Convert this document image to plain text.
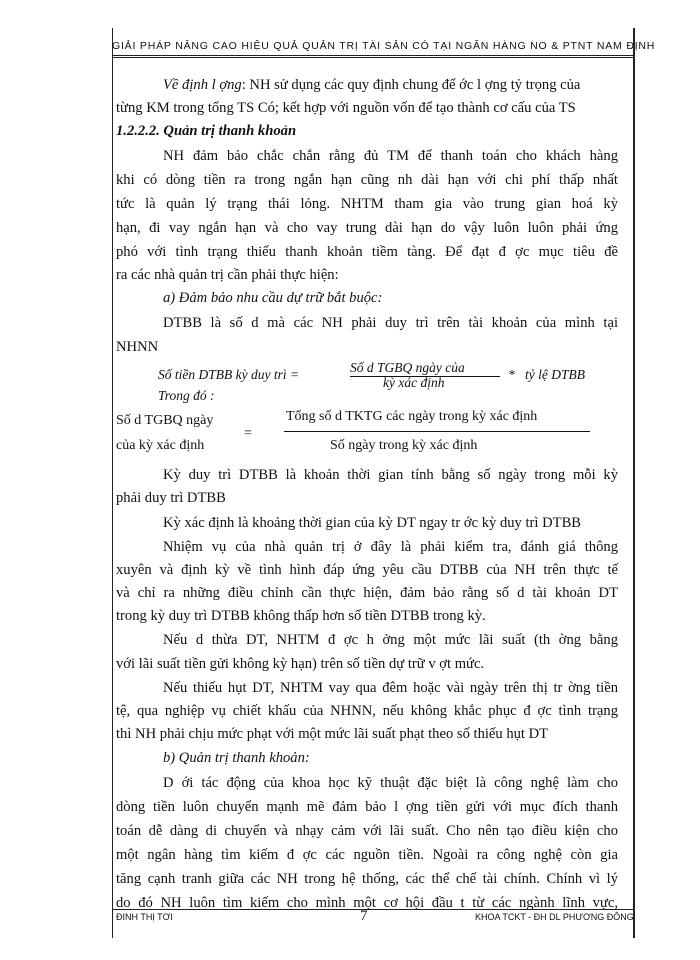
GIẢI PHÁP NÂNG CAO HIỆU QUẢ QUẢN TRỊ TÀI SẢN CÓ TẠI NGÂN HÀNG NO & PTNT NAM ĐỊNH
Về định l ợng: NH sử dụng các quy định chung để ớc l ợng tỷ trọng của
từng KM trong tổng TS Có; kết hợp với nguồn vốn để tạo thành cơ cấu của TS
1.2.2.2. Quản trị thanh khoản
NH đảm bảo chắc chắn rằng đủ TM để thanh toán cho khách hàng
khi có dòng tiền ra trong ngắn hạn cũng nh dài hạn với chi phí thấp nhất
tức là quản lý trạng thái lỏng. NHTM tham gia vào trung gian hoá kỳ
hạn, đi vay ngắn hạn và cho vay trung dài hạn do vậy luôn luôn phải ứng
phó với tình trạng thiếu thanh khoản tiềm tàng. Để đạt đ ợc mục tiêu đề
ra các nhà quản trị cần phải thực hiện:
a) Đảm bảo nhu cầu dự trữ bắt buộc:
DTBB là số d mà các NH phải duy trì trên tài khoản của mình tại
NHNN
Số tiền DTBB kỳ duy trì =	Số d TGBQ ngày của
kỳ xác định
* tỷ lệ DTBB
Trong đó :
Số d TGBQ ngày
của kỳ xác định
=
Tổng số d TKTG các ngày trong kỳ xác định
Số ngày trong kỳ xác định
Kỳ duy trì DTBB là khoản thời gian tính bằng số ngày trong mỗi kỳ
phải duy trì DTBB
Kỳ xác định là khoảng thời gian của kỳ DT ngay tr ớc kỳ duy trì DTBB
Nhiệm vụ của nhà quản trị ở đây là phải kiểm tra, đánh giá thông
xuyên và định kỳ về tình hình đáp ứng yêu cầu DTBB của NH trên thực tế
và chỉ ra những điều chỉnh cần thực hiện, đảm bảo rằng số d tài khoản DT
trong kỳ duy trì DTBB không thấp hơn số tiền DTBB trong kỳ.
Nếu d thừa DT, NHTM đ ợc h ởng một mức lãi suất (th ờng bằng
với lãi suất tiền gửi không kỳ hạn) trên số tiền dự trữ v ợt mức.
Nếu thiếu hụt DT, NHTM vay qua đêm hoặc vài ngày trên thị tr ờng tiền
tệ, qua nghiệp vụ chiết khấu của NHNN, nếu không khắc phục đ ợc tình trạng
thì NH phải chịu mức phạt với một mức lãi suất phạt theo số thiếu hụt DT
b) Quản trị thanh khoản:
D ới tác động của khoa học kỹ thuật đặc biệt là công nghệ làm cho
dòng tiền luôn chuyển mạnh mẽ đảm bảo l ợng tiền gửi với mục đích thanh
toán dễ dàng di chuyển và nhạy cảm với lãi suất. Cho nên tạo điều kiện cho
một ngân hàng tìm kiếm đ ợc các nguồn tiền. Ngoài ra công nghệ còn gia
tăng cạnh tranh giữa các NH trong hệ thống, các thể chế tài chính. Chính vì lý
do đó NH luôn tìm kiếm cho mình một cơ hội đầu t từ các ngành lĩnh vực,
ĐINH THỊ TƠI	7	KHOA TCKT - ĐH DL PHƯƠNG ĐÔNG
